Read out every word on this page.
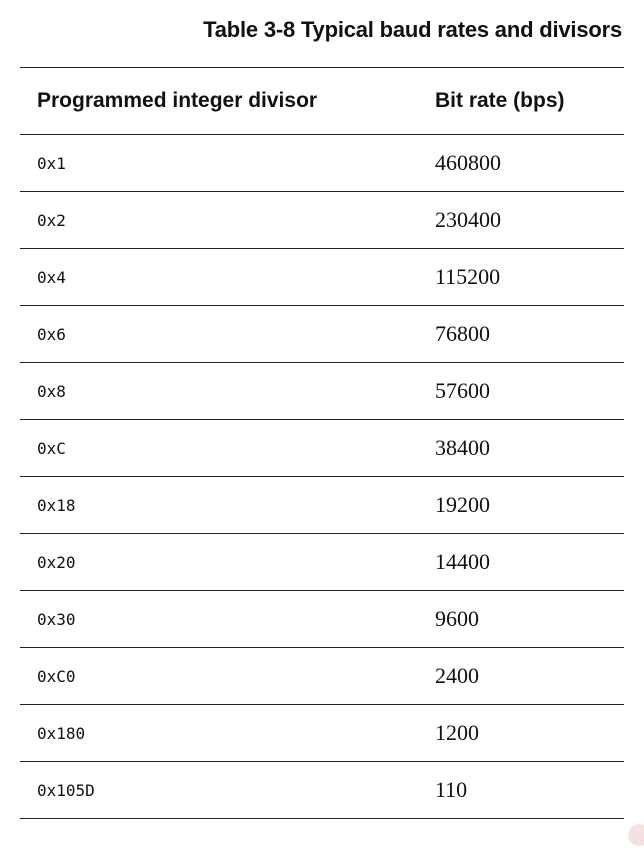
Table 3-8 Typical baud rates and divisors
Programmed integer divisor	Bit rate (bps)
0x1	460800
0x2	230400
0x4	115200
0x6	76800
0x8	57600
0xC	38400
0x18	19200
0x20	14400
0x30	9600
0xC0	2400
0x180	1200
0x105D	110
